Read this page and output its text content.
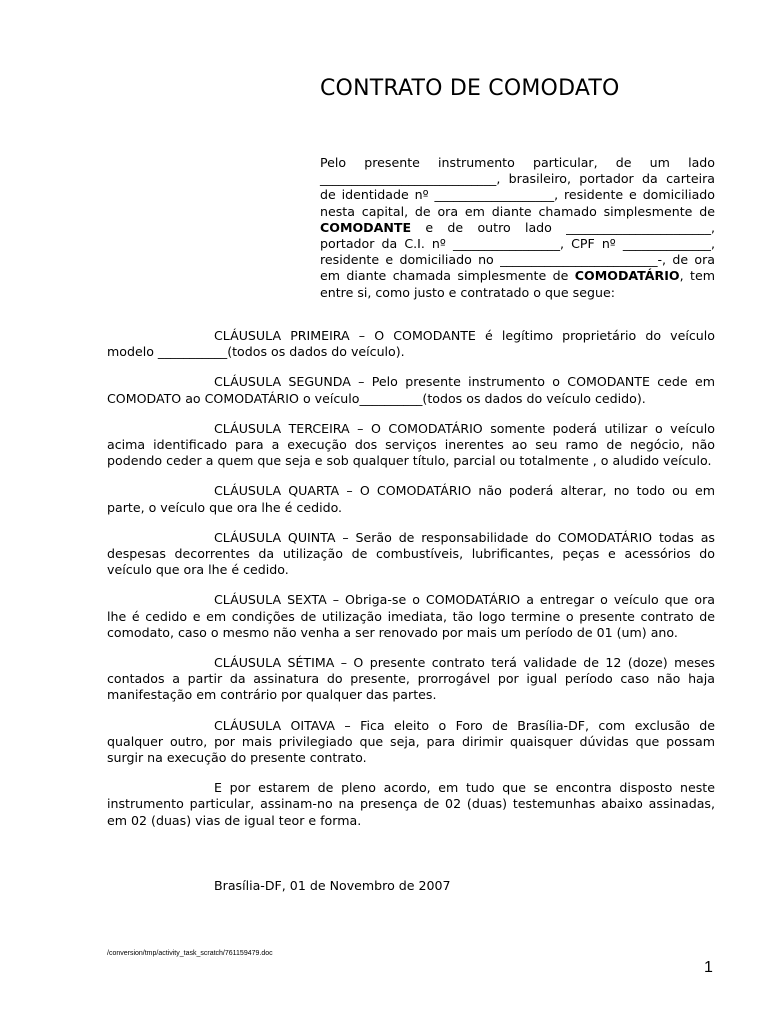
CONTRATO DE COMODATO

Pelo presente instrumento particular, de um lado ____________________________, brasileiro, portador da carteira de identidade nº ___________________, residente e domiciliado nesta capital, de ora em diante chamado simplesmente de COMODANTE e de outro lado _______________________, portador da C.I. nº _________________, CPF nº ______________, residente e domiciliado no _________________________-, de ora em diante chamada simplesmente de COMODATÁRIO, tem entre si, como justo e contratado o que segue:

CLÁUSULA PRIMEIRA – O COMODANTE é legítimo proprietário do veículo modelo ___________(todos os dados do veículo).

CLÁUSULA SEGUNDA – Pelo presente instrumento o COMODANTE cede em COMODATO ao COMODATÁRIO o veículo__________(todos os dados do veículo cedido).

CLÁUSULA TERCEIRA – O COMODATÁRIO somente poderá utilizar o veículo acima identificado para a execução dos serviços inerentes ao seu ramo de negócio, não podendo ceder a quem que seja e sob qualquer título, parcial ou totalmente , o aludido veículo.

CLÁUSULA QUARTA – O COMODATÁRIO não poderá alterar, no todo ou em parte, o veículo que ora lhe é cedido.

CLÁUSULA QUINTA – Serão de responsabilidade do COMODATÁRIO todas as despesas decorrentes da utilização de combustíveis, lubrificantes, peças e acessórios do veículo que ora lhe é cedido.

CLÁUSULA SEXTA – Obriga-se o COMODATÁRIO a entregar o veículo que ora lhe é cedido e em condições de utilização imediata, tão logo termine o presente contrato de comodato, caso o mesmo não venha a ser renovado por mais um período de 01 (um) ano.

CLÁUSULA SÉTIMA – O presente contrato terá validade de 12 (doze) meses contados a partir da assinatura do presente, prorrogável por igual período caso não haja manifestação em contrário por qualquer das partes.

CLÁUSULA OITAVA – Fica eleito o Foro de Brasília-DF, com exclusão de qualquer outro, por mais privilegiado que seja, para dirimir quaisquer dúvidas que possam surgir na execução do presente contrato.

E por estarem de pleno acordo, em tudo que se encontra disposto neste instrumento particular, assinam-no na presença de 02 (duas) testemunhas abaixo assinadas, em 02 (duas) vias de igual teor e forma.

Brasília-DF, 01 de Novembro de 2007

/conversion/tmp/activity_task_scratch/761159479.doc

1
